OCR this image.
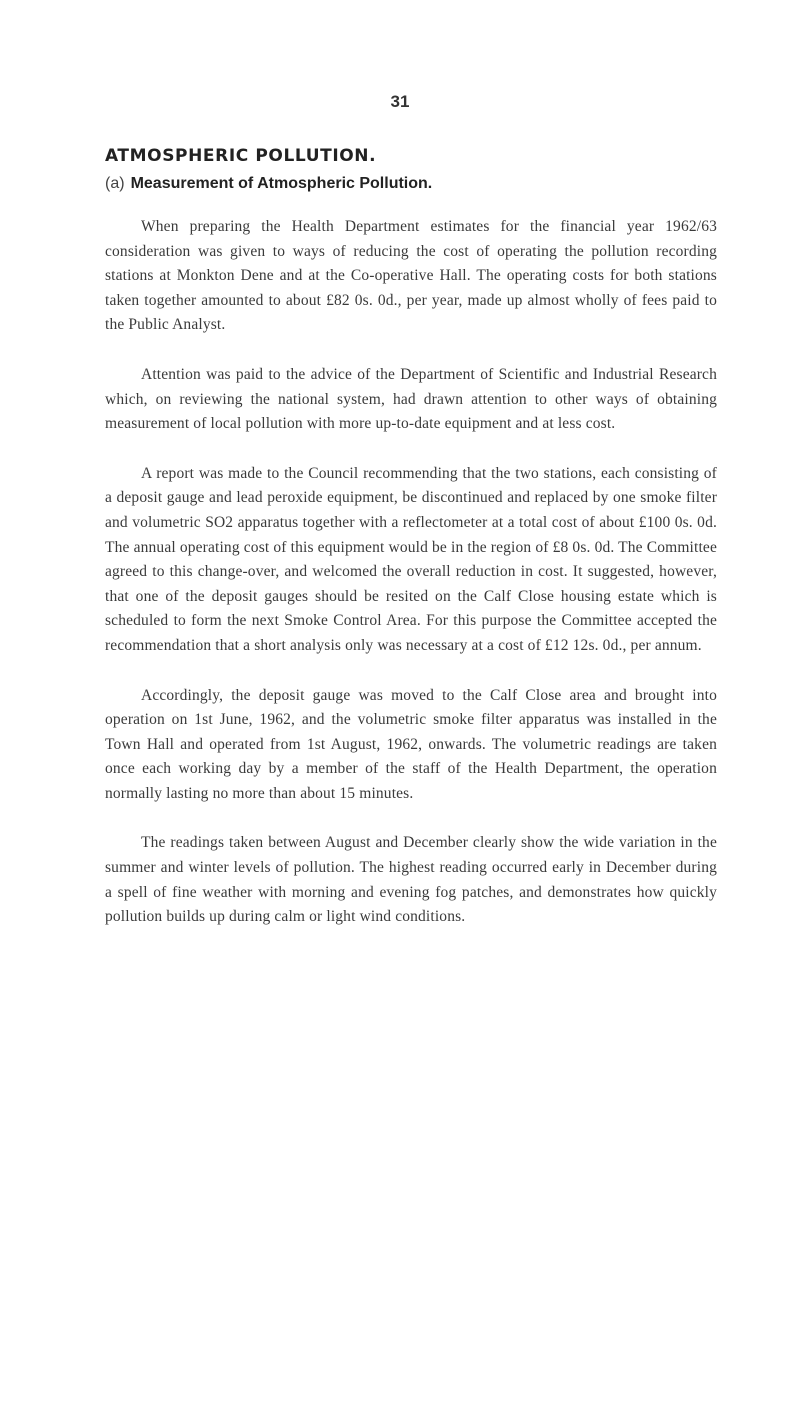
31
ATMOSPHERIC POLLUTION.
(a) Measurement of Atmospheric Pollution.

When preparing the Health Department estimates for the financial year 1962/63 consideration was given to ways of reducing the cost of operating the pollution recording stations at Monkton Dene and at the Co-operative Hall. The operating costs for both stations taken together amounted to about £82 0s. 0d., per year, made up almost wholly of fees paid to the Public Analyst.

Attention was paid to the advice of the Department of Scientific and Industrial Research which, on reviewing the national system, had drawn attention to other ways of obtaining measurement of local pollution with more up-to-date equipment and at less cost.

A report was made to the Council recommending that the two stations, each consisting of a deposit gauge and lead peroxide equipment, be discontinued and replaced by one smoke filter and volumetric SO2 apparatus together with a reflectometer at a total cost of about £100 0s. 0d. The annual operating cost of this equipment would be in the region of £8 0s. 0d. The Committee agreed to this change-over, and welcomed the overall reduction in cost. It suggested, however, that one of the deposit gauges should be resited on the Calf Close housing estate which is scheduled to form the next Smoke Control Area. For this purpose the Committee accepted the recommendation that a short analysis only was necessary at a cost of £12 12s. 0d., per annum.

Accordingly, the deposit gauge was moved to the Calf Close area and brought into operation on 1st June, 1962, and the volumetric smoke filter apparatus was installed in the Town Hall and operated from 1st August, 1962, onwards. The volumetric readings are taken once each working day by a member of the staff of the Health Department, the operation normally lasting no more than about 15 minutes.

The readings taken between August and December clearly show the wide variation in the summer and winter levels of pollution. The highest reading occurred early in December during a spell of fine weather with morning and evening fog patches, and demonstrates how quickly pollution builds up during calm or light wind conditions.
